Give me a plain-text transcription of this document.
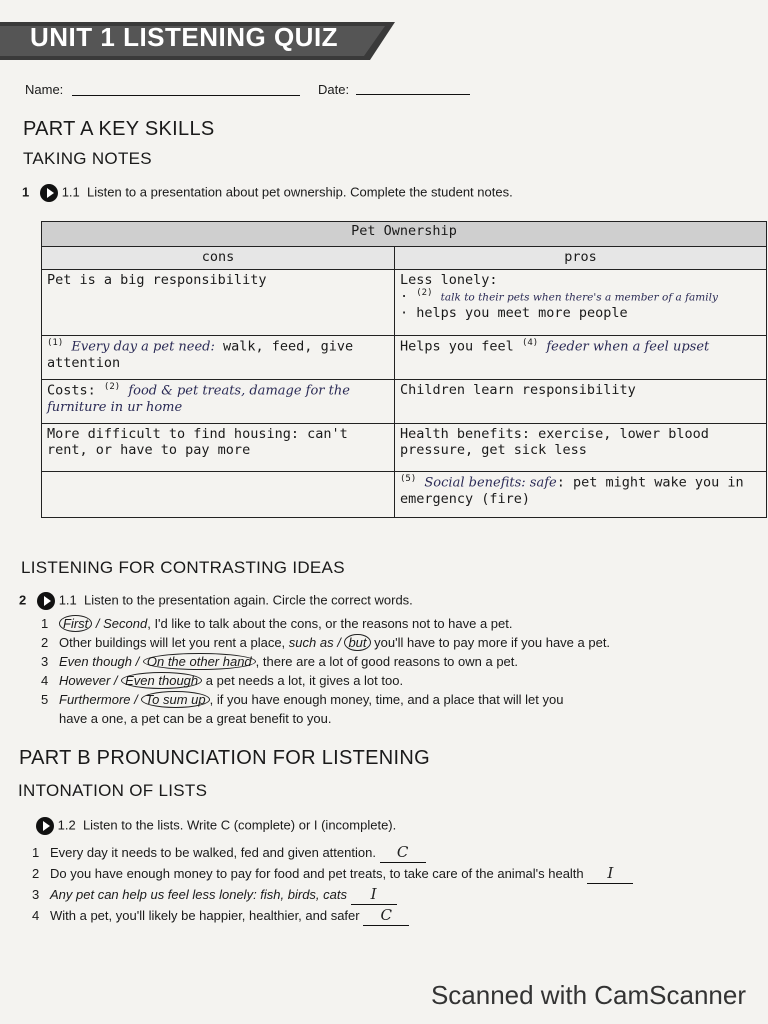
UNIT 1 LISTENING QUIZ
Name:	Date:
PART A KEY SKILLS
TAKING NOTES
1 1.1 Listen to a presentation about pet ownership. Complete the student notes.
Pet Ownership	
cons	pros
Pet is a big responsibility	Less lonely:
· $^{(2)}$ talk to their pets when there's a member of a family
· helps you meet more people

$^{(1)}$ Every day a pet need: walk, feed, give attention	Helps you feel $^{(4)}$ feeder when a feel upset
Costs: $^{(2)}$ food & pet treats, damage for the furniture in ur home	Children learn responsibility
More difficult to find housing: can't rent, or have to pay more	Health benefits: exercise, lower blood pressure, get sick less
	$^{(5)}$ Social benefits: safe: pet might wake you in emergency (fire)
LISTENING FOR CONTRASTING IDEAS
2 1.1 Listen to the presentation again. Circle the correct words.
1 First / Second, I'd like to talk about the cons, or the reasons not to have a pet.
2 Other buildings will let you rent a place, such as / but you'll have to pay more if you have a pet.
3 Even though / On the other hand , there are a lot of good reasons to own a pet.
4 However / Even though a pet needs a lot, it gives a lot too.
5 Furthermore / To sum up , if you have enough money, time, and a place that will let you
have a one, a pet can be a great benefit to you.
PART B PRONUNCIATION FOR LISTENING
INTONATION OF LISTS
1.2 Listen to the lists. Write C (complete) or I (incomplete).
1 Every day it needs to be walked, fed and given attention. C
2 Do you have enough money to pay for food and pet treats, to take care of the animal's health I
3 Any pet can help us feel less lonely: fish, birds, cats I
4 With a pet, you'll likely be happier, healthier, and safer C
Scanned with CamScanner
